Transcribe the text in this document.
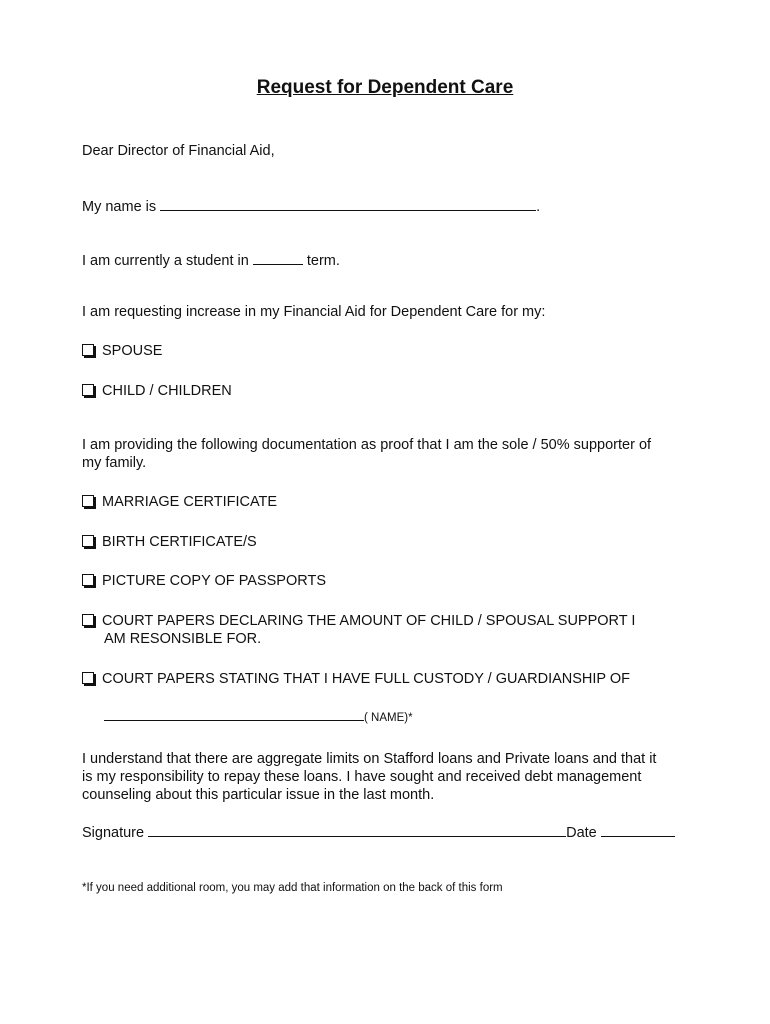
Request for Dependent Care
Dear Director of Financial Aid,
My name is	.
I am currently a student in	term.
I am requesting increase in my Financial Aid for Dependent Care for my:
SPOUSE
CHILD / CHILDREN
I am providing the following documentation as proof that I am the sole / 50% supporter of
my family.
MARRIAGE CERTIFICATE
BIRTH CERTIFICATE/S
PICTURE COPY OF PASSPORTS
COURT PAPERS DECLARING THE AMOUNT OF CHILD / SPOUSAL SUPPORT I
AM RESONSIBLE FOR.
COURT PAPERS STATING THAT I HAVE FULL CUSTODY / GUARDIANSHIP OF
( NAME)*
I understand that there are aggregate limits on Stafford loans and Private loans and that it
is my responsibility to repay these loans. I have sought and received debt management
counseling about this particular issue in the last month.
Signature	Date
*If you need additional room, you may add that information on the back of this form
